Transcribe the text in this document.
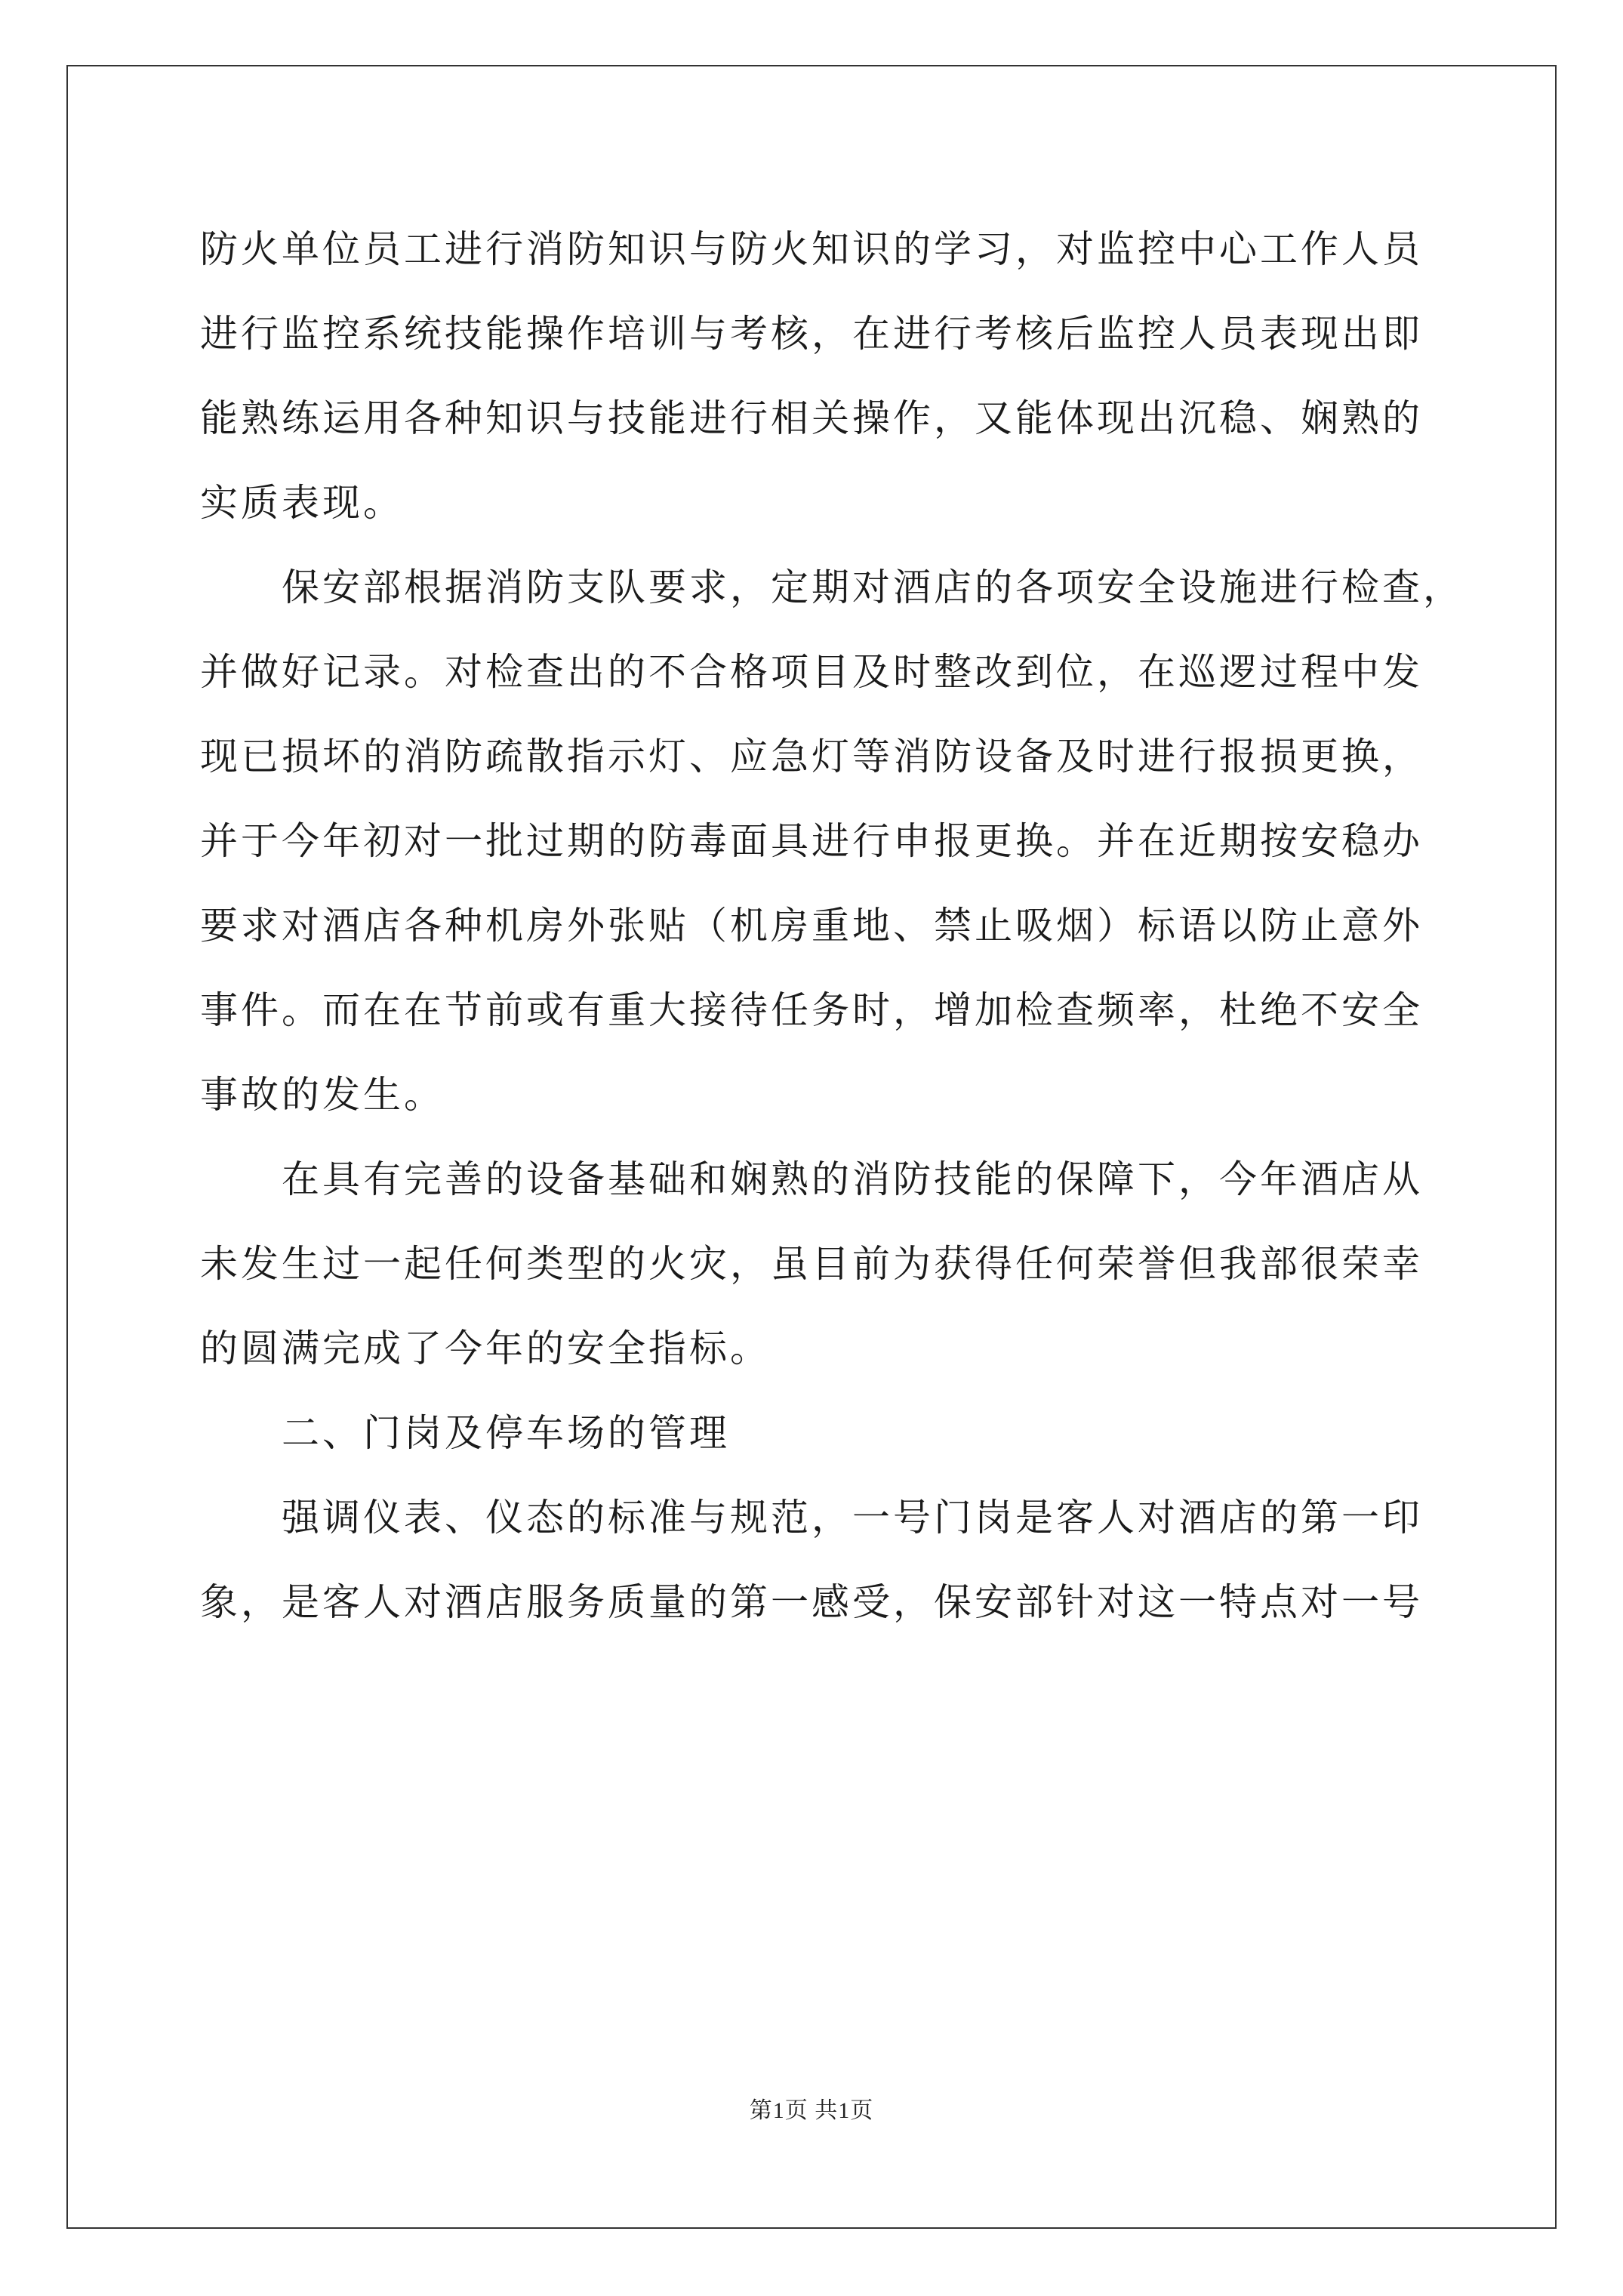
防火单位员工进行消防知识与防火知识的学习，对监控中心工作人员
进行监控系统技能操作培训与考核，在进行考核后监控人员表现出即
能熟练运用各种知识与技能进行相关操作，又能体现出沉稳、娴熟的
实质表现。
保安部根据消防支队要求，定期对酒店的各项安全设施进行检查，
并做好记录。对检查出的不合格项目及时整改到位，在巡逻过程中发
现已损坏的消防疏散指示灯、应急灯等消防设备及时进行报损更换，
并于今年初对一批过期的防毒面具进行申报更换。并在近期按安稳办
要求对酒店各种机房外张贴（机房重地、禁止吸烟）标语以防止意外
事件。而在在节前或有重大接待任务时，增加检查频率，杜绝不安全
事故的发生。
在具有完善的设备基础和娴熟的消防技能的保障下，今年酒店从
未发生过一起任何类型的火灾，虽目前为获得任何荣誉但我部很荣幸
的圆满完成了今年的安全指标。
二、门岗及停车场的管理
强调仪表、仪态的标准与规范，一号门岗是客人对酒店的第一印
象，是客人对酒店服务质量的第一感受，保安部针对这一特点对一号
第1页 共1页
